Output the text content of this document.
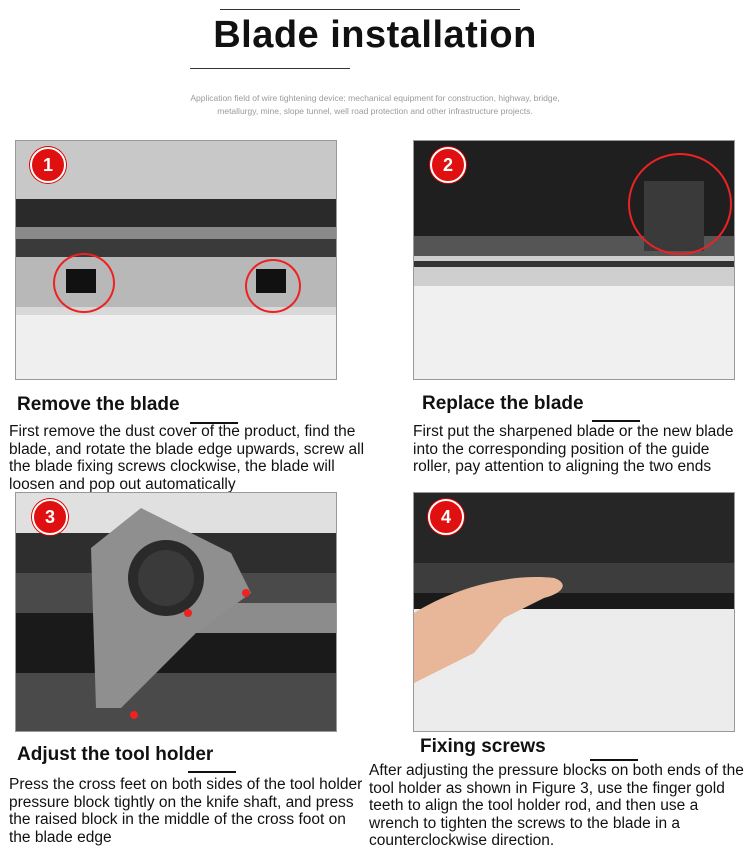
Blade installation
Application field of wire tightening device: mechanical equipment for construction, highway, bridge, metallurgy, mine, slope tunnel, well road protection and other infrastructure projects.
1	2
Remove the blade
First remove the dust cover of the product, find the blade, and rotate the blade edge upwards, screw all the blade fixing screws clockwise, the blade will loosen and pop out automatically
Replace the blade
First put the sharpened blade or the new blade into the corresponding position of the guide roller, pay attention to aligning the two ends
3	4
Adjust the tool holder
Press the cross feet on both sides of the tool holder pressure block tightly on the knife shaft, and press the raised block in the middle of the cross foot on the blade edge
Fixing screws
After adjusting the pressure blocks on both ends of the tool holder as shown in Figure 3, use the finger gold teeth to align the tool holder rod, and then use a wrench to tighten the screws to the blade in a counterclockwise direction.
